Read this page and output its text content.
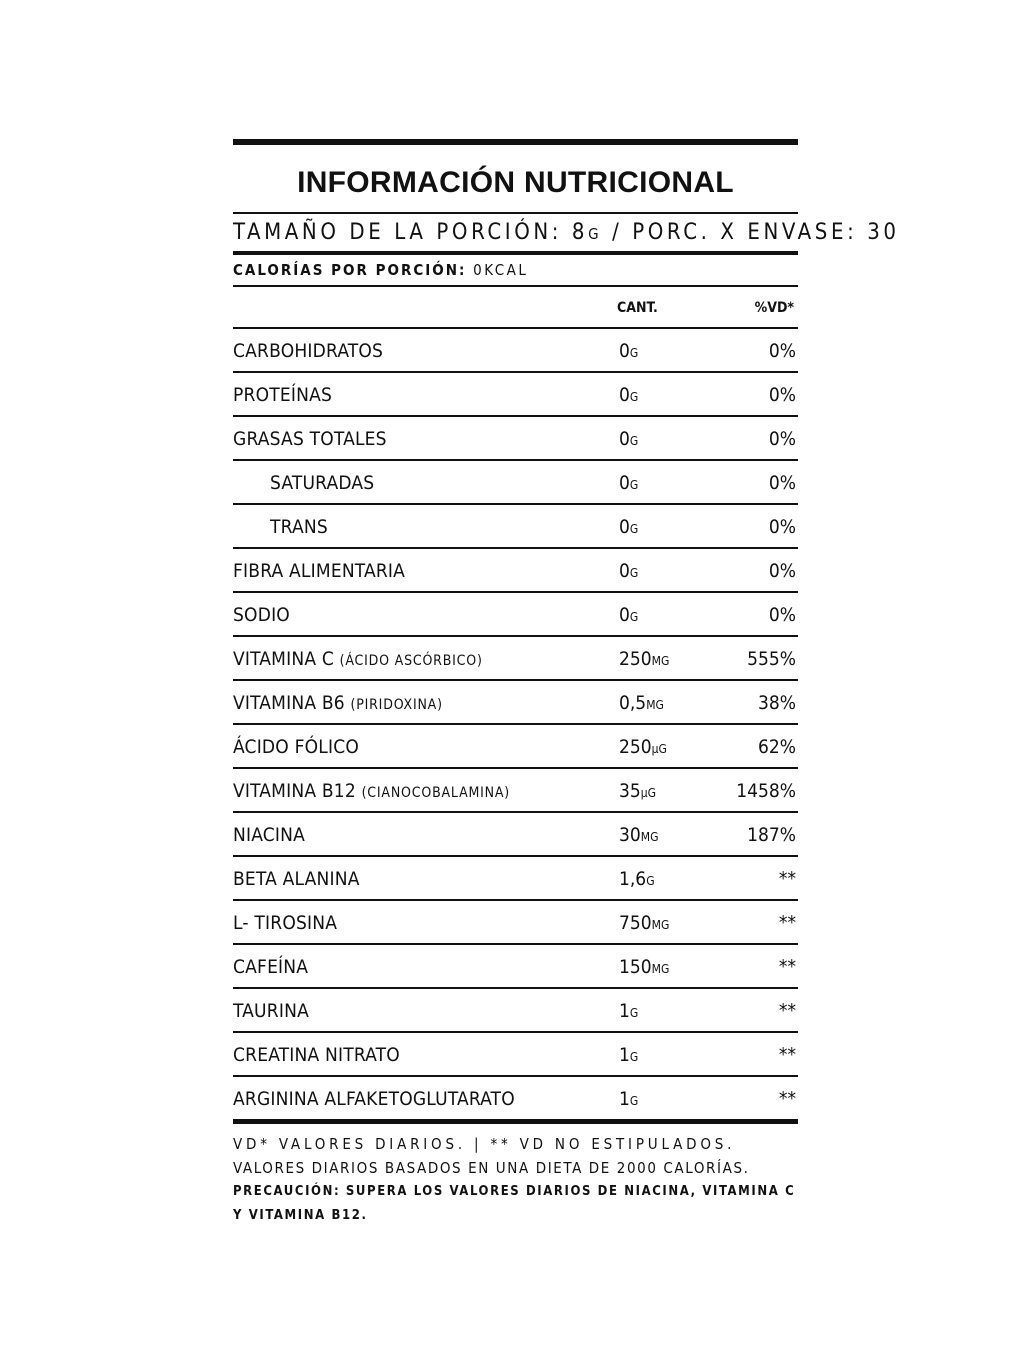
INFORMACIÓN NUTRICIONAL
TAMAÑO DE LA PORCIÓN: 8G / PORC. X ENVASE: 30
CALORÍAS POR PORCIÓN: 0KCAL
CANT.	%VD*
CARBOHIDRATOS	0G	0%
PROTEÍNAS	0G	0%
GRASAS TOTALES	0G	0%
SATURADAS	0G	0%
TRANS	0G	0%
FIBRA ALIMENTARIA	0G	0%
SODIO	0G	0%
VITAMINA C (ÁCIDO ASCÓRBICO)	250MG	555%
VITAMINA B6 (PIRIDOXINA)	0,5MG	38%
ÁCIDO FÓLICO	250µG	62%
VITAMINA B12 (CIANOCOBALAMINA)	35µG	1458%
NIACINA	30MG	187%
BETA ALANINA	1,6G	**
L- TIROSINA	750MG	**
CAFEÍNA	150MG	**
TAURINA	1G	**
CREATINA NITRATO	1G	**
ARGININA ALFAKETOGLUTARATO	1G	**
VD* VALORES DIARIOS. | ** VD NO ESTIPULADOS.
VALORES DIARIOS BASADOS EN UNA DIETA DE 2000 CALORÍAS.
PRECAUCIÓN: SUPERA LOS VALORES DIARIOS DE NIACINA, VITAMINA C Y VITAMINA B12.
